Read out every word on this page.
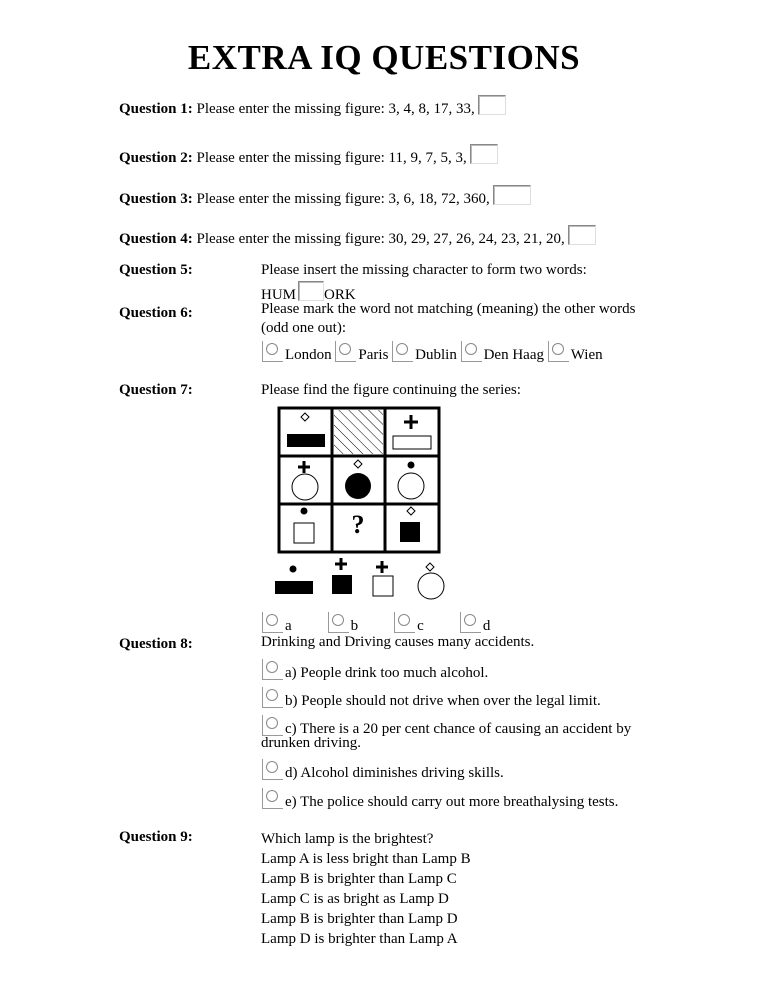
EXTRA IQ QUESTIONS
Question 1: Please enter the missing figure: 3, 4, 8, 17, 33,
Question 2: Please enter the missing figure: 11, 9, 7, 5, 3,
Question 3: Please enter the missing figure: 3, 6, 18, 72, 360,
Question 4: Please enter the missing figure: 30, 29, 27, 26, 24, 23, 21, 20,
Question 5:	Please insert the missing character to form two words:
HUM ORK
Question 6:	Please mark the word not matching (meaning) the other words
(odd one out):
London Paris Dublin Den Haag Wien
Question 7:	Please find the figure continuing the series:
?
a	b	c	d
Question 8:	Drinking and Driving causes many accidents.
a) People drink too much alcohol.
b) People should not drive when over the legal limit.
c) There is a 20 per cent chance of causing an accident by
drunken driving.
d) Alcohol diminishes driving skills.
e) The police should carry out more breathalysing tests.
Question 9:	Which lamp is the brightest?
Lamp A is less bright than Lamp B
Lamp B is brighter than Lamp C
Lamp C is as bright as Lamp D
Lamp B is brighter than Lamp D
Lamp D is brighter than Lamp A
